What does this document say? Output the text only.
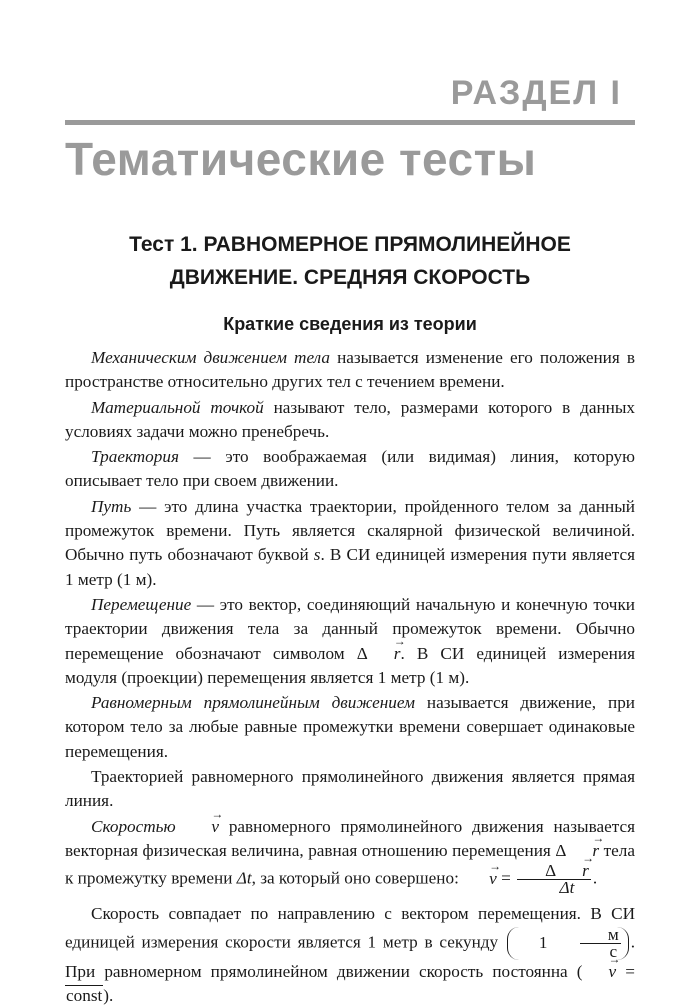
РАЗДЕЛ I
Тематические тесты
Тест 1. РАВНОМЕРНОЕ ПРЯМОЛИНЕЙНОЕ
ДВИЖЕНИЕ. СРЕДНЯЯ СКОРОСТЬ
Краткие сведения из теории

Механическим движением тела называется изменение его положения в пространстве относительно других тел с течением времени.

Материальной точкой называют тело, размерами которого в данных условиях задачи можно пренебречь.

Траектория — это воображаемая (или видимая) линия, которую описывает тело при своем движении.

Путь — это длина участка траектории, пройденного телом за данный промежуток времени. Путь является скалярной физической величиной. Обычно путь обозначают буквой s. В СИ единицей измерения пути является 1 метр (1 м).

Перемещение — это вектор, соединяющий начальную и конечную точки траектории движения тела за данный промежуток времени. Обычно перемещение обозначают символом Δ → r. В СИ единицей измерения модуля (проекции) перемещения является 1 метр (1 м).

Равномерным прямолинейным движением называется движение, при котором тело за любые равные промежутки времени совершает одинаковые перемещения.

Траекторией равномерного прямолинейного движения является прямая линия.

Скоростью → v равномерного прямолинейного движения называется векторная физическая величина, равная отношению перемещения Δ → r тела к промежутку времени Δt, за который оно совершено: → $v = \frac{\Delta \to r}{\Delta t}$ .

Скорость совпадает по направлению с вектором перемещения. В СИ единицей измерения скорости является 1 метр в секунду	1
$\frac{м}{с}$ . При равномерном прямолинейном движении скорость постоянна ( → v = const).
